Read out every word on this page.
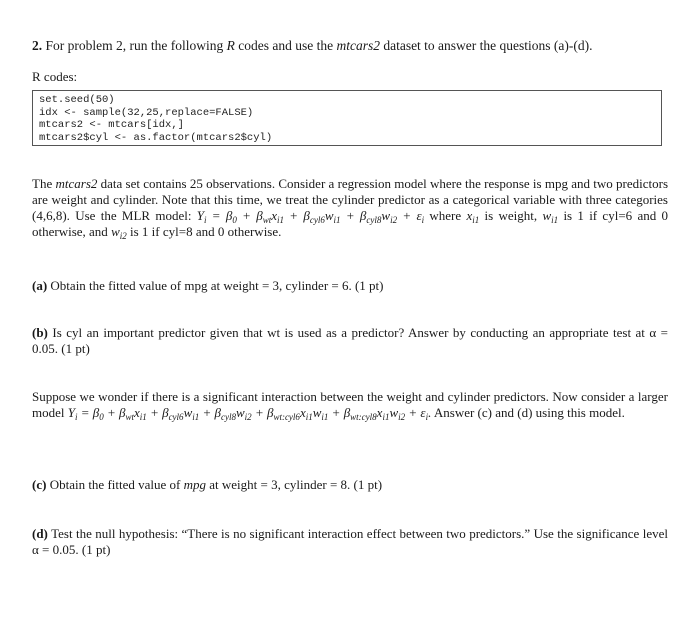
2. For problem 2, run the following R codes and use the mtcars2 dataset to answer the questions (a)-(d).
R codes:
set.seed(50)
idx <- sample(32,25,replace=FALSE)
mtcars2 <- mtcars[idx,]
mtcars2$cyl <- as.factor(mtcars2$cyl)
The mtcars2 data set contains 25 observations. Consider a regression model where the response is mpg and two predictors are weight and cylinder. Note that this time, we treat the cylinder predictor as a categorical variable with three categories (4,6,8). Use the MLR model: $Y_i = \beta_0 + \beta_{wt}x_{i1} + \beta_{cyl6}w_{i1} + \beta_{cyl8}w_{i2} + \varepsilon_i$ where $x_{i1}$ is weight, $w_{i1}$ is 1 if cyl=6 and 0 otherwise, and $w_{i2}$ is 1 if cyl=8 and 0 otherwise.
(a) Obtain the fitted value of mpg at weight = 3, cylinder = 6. (1 pt)
(b) Is cyl an important predictor given that wt is used as a predictor? Answer by conducting an appropriate test at α = 0.05. (1 pt)
Suppose we wonder if there is a significant interaction between the weight and cylinder predictors. Now consider a larger model $Y_i = \beta_0 + \beta_{wt}x_{i1} + \beta_{cyl6}w_{i1} + \beta_{cyl8}w_{i2} + \beta_{wt:cyl6}x_{i1}w_{i1} + \beta_{wt:cyl8}x_{i1}w_{i2} + \varepsilon_i$. Answer (c) and (d) using this model.
(c) Obtain the fitted value of mpg at weight = 3, cylinder = 8. (1 pt)
(d) Test the null hypothesis: “There is no significant interaction effect between two predictors.” Use the significance level α = 0.05. (1 pt)
